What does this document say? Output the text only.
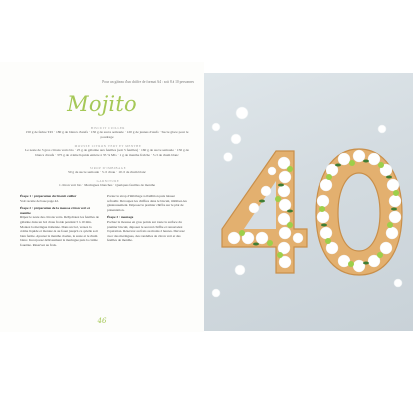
Pour un gâteau d'un chiffre de format A4 : soit 8 à 10 personnes
Mojito
BISCUIT CUILLER
150 g de farine T45 · 180 g de blancs d'œufs · 150 g de sucre semoule · 120 g de jaunes d'œufs · Sucre glace pour le poudrage
MOUSSE CITRON VERT ET MENTHE
Le zeste de 3 gros citrons verts bio · 25 g de gélatine aux feuilles (soit 5 feuilles) · 160 g de sucre semoule · 150 g de blancs d'œufs · 375 g de crème liquide entière à 35 % MG · 1 g de menthe fraîche · 5 cl de rhum blanc
SIROP D'IMBIBAGE
50 g de sucre semoule · 5 cl d'eau · 10 cl de rhum blanc
GARNITURE
1 citron vert bio · Meringues blanches · Quelques feuilles de menthe
Étape 1 : préparation du biscuit cuiller
Voir recette de base page 42.
Étape 2 : préparation de la mousse citron vert et menthe
Râpez le zeste des citrons verts. Réhydratez les feuilles de gélatine dans un bol d'eau froide pendant 5 à 10 min. Montez la meringue italienne. Dans un bol, versez la crème liquide et montez-la au fouet jusqu'à ce qu'elle soit bien ferme. Ajoutez la menthe ciselée, le zeste et le rhum blanc. Incorporez délicatement la meringue puis la crème fouettée. Réservez au frais.
Portez le sirop d'imbibage à ébullition puis laissez refroidir. Découpez les chiffres dans le biscuit, imbibez-les généreusement. Déposez le premier chiffre sur le plat de présentation.
Étape 3 : montage
Pochez la mousse en gros points sur toute la surface du premier biscuit, déposez le second chiffre et renouvelez l'opération. Réservez au frais au moins 2 heures. Décorez avec des meringues, des rondelles de citron vert et des feuilles de menthe.
46
